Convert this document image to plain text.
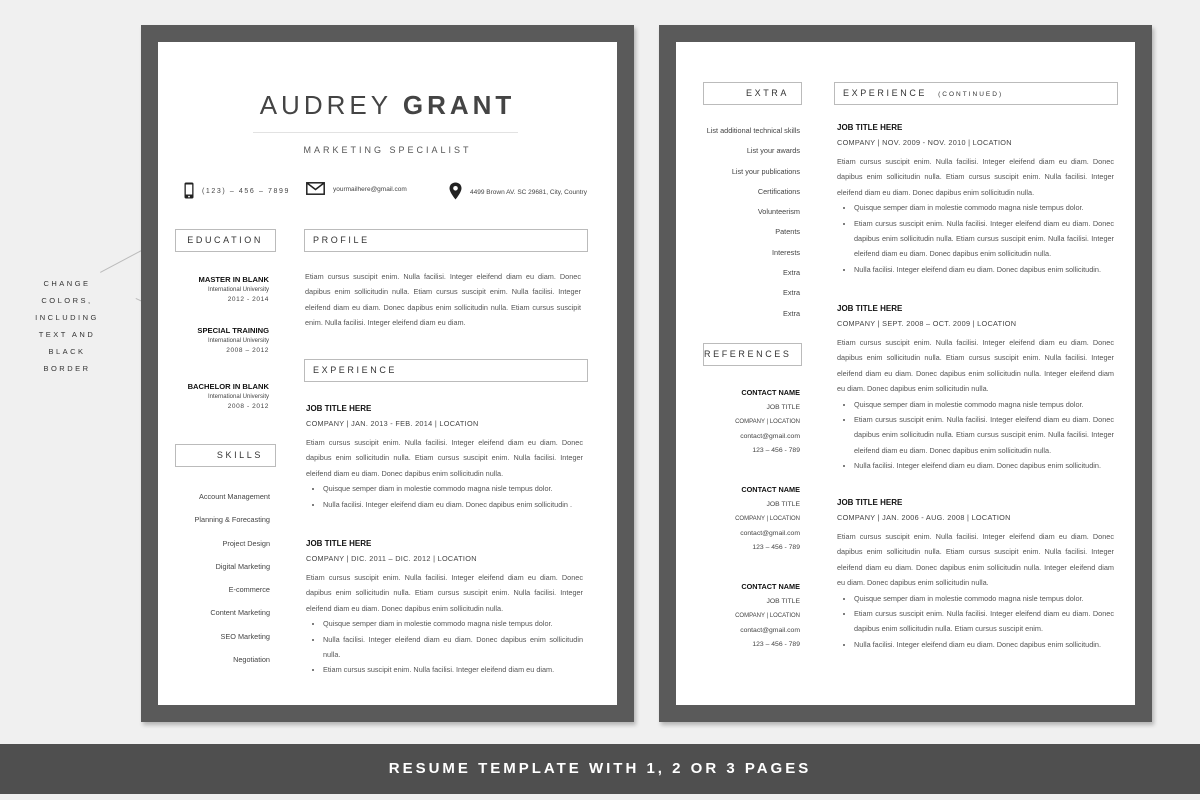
CHANGE
COLORS,
INCLUDING
TEXT AND
BLACK
BORDER
AUDREY GRANT
MARKETING SPECIALIST
(123) – 456 – 7899	yourmailhere@gmail.com	4499 Brown AV. SC 29681, City, Country
EDUCATION
MASTER IN BLANK
International University
2012 - 2014
SPECIAL TRAINING
International University
2008 – 2012
BACHELOR IN BLANK
International University
2008 - 2012
SKILLS
Account Management
Planning & Forecasting
Project Design
Digital Marketing
E-commerce
Content Marketing
SEO Marketing
Negotiation
PROFILE
Etiam cursus suscipit enim. Nulla facilisi. Integer eleifend diam eu diam. Donec dapibus enim sollicitudin nulla. Etiam cursus suscipit enim. Nulla facilisi. Integer eleifend diam eu diam. Donec dapibus enim sollicitudin nulla. Etiam cursus suscipit enim. Nulla facilisi. Integer eleifend diam eu diam.
EXPERIENCE
JOB TITLE HERE
COMPANY | JAN. 2013 - FEB. 2014 | LOCATION
Etiam cursus suscipit enim. Nulla facilisi. Integer eleifend diam eu diam. Donec dapibus enim sollicitudin nulla. Etiam cursus suscipit enim. Nulla facilisi. Integer eleifend diam eu diam. Donec dapibus enim sollicitudin nulla.
• Quisque semper diam in molestie commodo magna nisle tempus dolor.
• Nulla facilisi. Integer eleifend diam eu diam. Donec dapibus enim sollicitudin .
JOB TITLE HERE
COMPANY | DIC. 2011 – DIC. 2012 | LOCATION
Etiam cursus suscipit enim. Nulla facilisi. Integer eleifend diam eu diam. Donec dapibus enim sollicitudin nulla. Etiam cursus suscipit enim. Nulla facilisi. Integer eleifend diam eu diam. Donec dapibus enim sollicitudin nulla.
• Quisque semper diam in molestie commodo magna nisle tempus dolor.
• Nulla facilisi. Integer eleifend diam eu diam. Donec dapibus enim sollicitudin nulla.
• Etiam cursus suscipit enim. Nulla facilisi. Integer eleifend diam eu diam.
EXTRA
List additional technical skills
List your awards
List your publications
Certifications
Volunteerism
Patents
Interests
Extra
Extra
Extra
REFERENCES
CONTACT NAME
JOB TITLE
COMPANY | LOCATION
contact@gmail.com
123 – 456 - 789
CONTACT NAME
JOB TITLE
COMPANY | LOCATION
contact@gmail.com
123 – 456 - 789
CONTACT NAME
JOB TITLE
COMPANY | LOCATION
contact@gmail.com
123 – 456 - 789
EXPERIENCE (CONTINUED)
JOB TITLE HERE
COMPANY | NOV. 2009 - NOV. 2010 | LOCATION
Etiam cursus suscipit enim. Nulla facilisi. Integer eleifend diam eu diam. Donec dapibus enim sollicitudin nulla. Etiam cursus suscipit enim. Nulla facilisi. Integer eleifend diam eu diam. Donec dapibus enim sollicitudin nulla.
• Quisque semper diam in molestie commodo magna nisle tempus dolor.
• Etiam cursus suscipit enim. Nulla facilisi. Integer eleifend diam eu diam. Donec dapibus enim sollicitudin nulla. Etiam cursus suscipit enim. Nulla facilisi. Integer eleifend diam eu diam. Donec dapibus enim sollicitudin nulla.
• Nulla facilisi. Integer eleifend diam eu diam. Donec dapibus enim sollicitudin.
JOB TITLE HERE
COMPANY | SEPT. 2008 – OCT. 2009 | LOCATION
Etiam cursus suscipit enim. Nulla facilisi. Integer eleifend diam eu diam. Donec dapibus enim sollicitudin nulla. Etiam cursus suscipit enim. Nulla facilisi. Integer eleifend diam eu diam. Donec dapibus enim sollicitudin nulla. Integer eleifend diam eu diam. Donec dapibus enim sollicitudin nulla.
• Quisque semper diam in molestie commodo magna nisle tempus dolor.
• Etiam cursus suscipit enim. Nulla facilisi. Integer eleifend diam eu diam. Donec dapibus enim sollicitudin nulla. Etiam cursus suscipit enim. Nulla facilisi. Integer eleifend diam eu diam. Donec dapibus enim sollicitudin nulla.
• Nulla facilisi. Integer eleifend diam eu diam. Donec dapibus enim sollicitudin.
JOB TITLE HERE
COMPANY | JAN. 2006 - AUG. 2008 | LOCATION
Etiam cursus suscipit enim. Nulla facilisi. Integer eleifend diam eu diam. Donec dapibus enim sollicitudin nulla. Etiam cursus suscipit enim. Nulla facilisi. Integer eleifend diam eu diam. Donec dapibus enim sollicitudin nulla. Integer eleifend diam eu diam. Donec dapibus enim sollicitudin nulla.
• Quisque semper diam in molestie commodo magna nisle tempus dolor.
• Etiam cursus suscipit enim. Nulla facilisi. Integer eleifend diam eu diam. Donec dapibus enim sollicitudin nulla. Etiam cursus suscipit enim.
• Nulla facilisi. Integer eleifend diam eu diam. Donec dapibus enim sollicitudin.
RESUME TEMPLATE WITH 1, 2 OR 3 PAGES
